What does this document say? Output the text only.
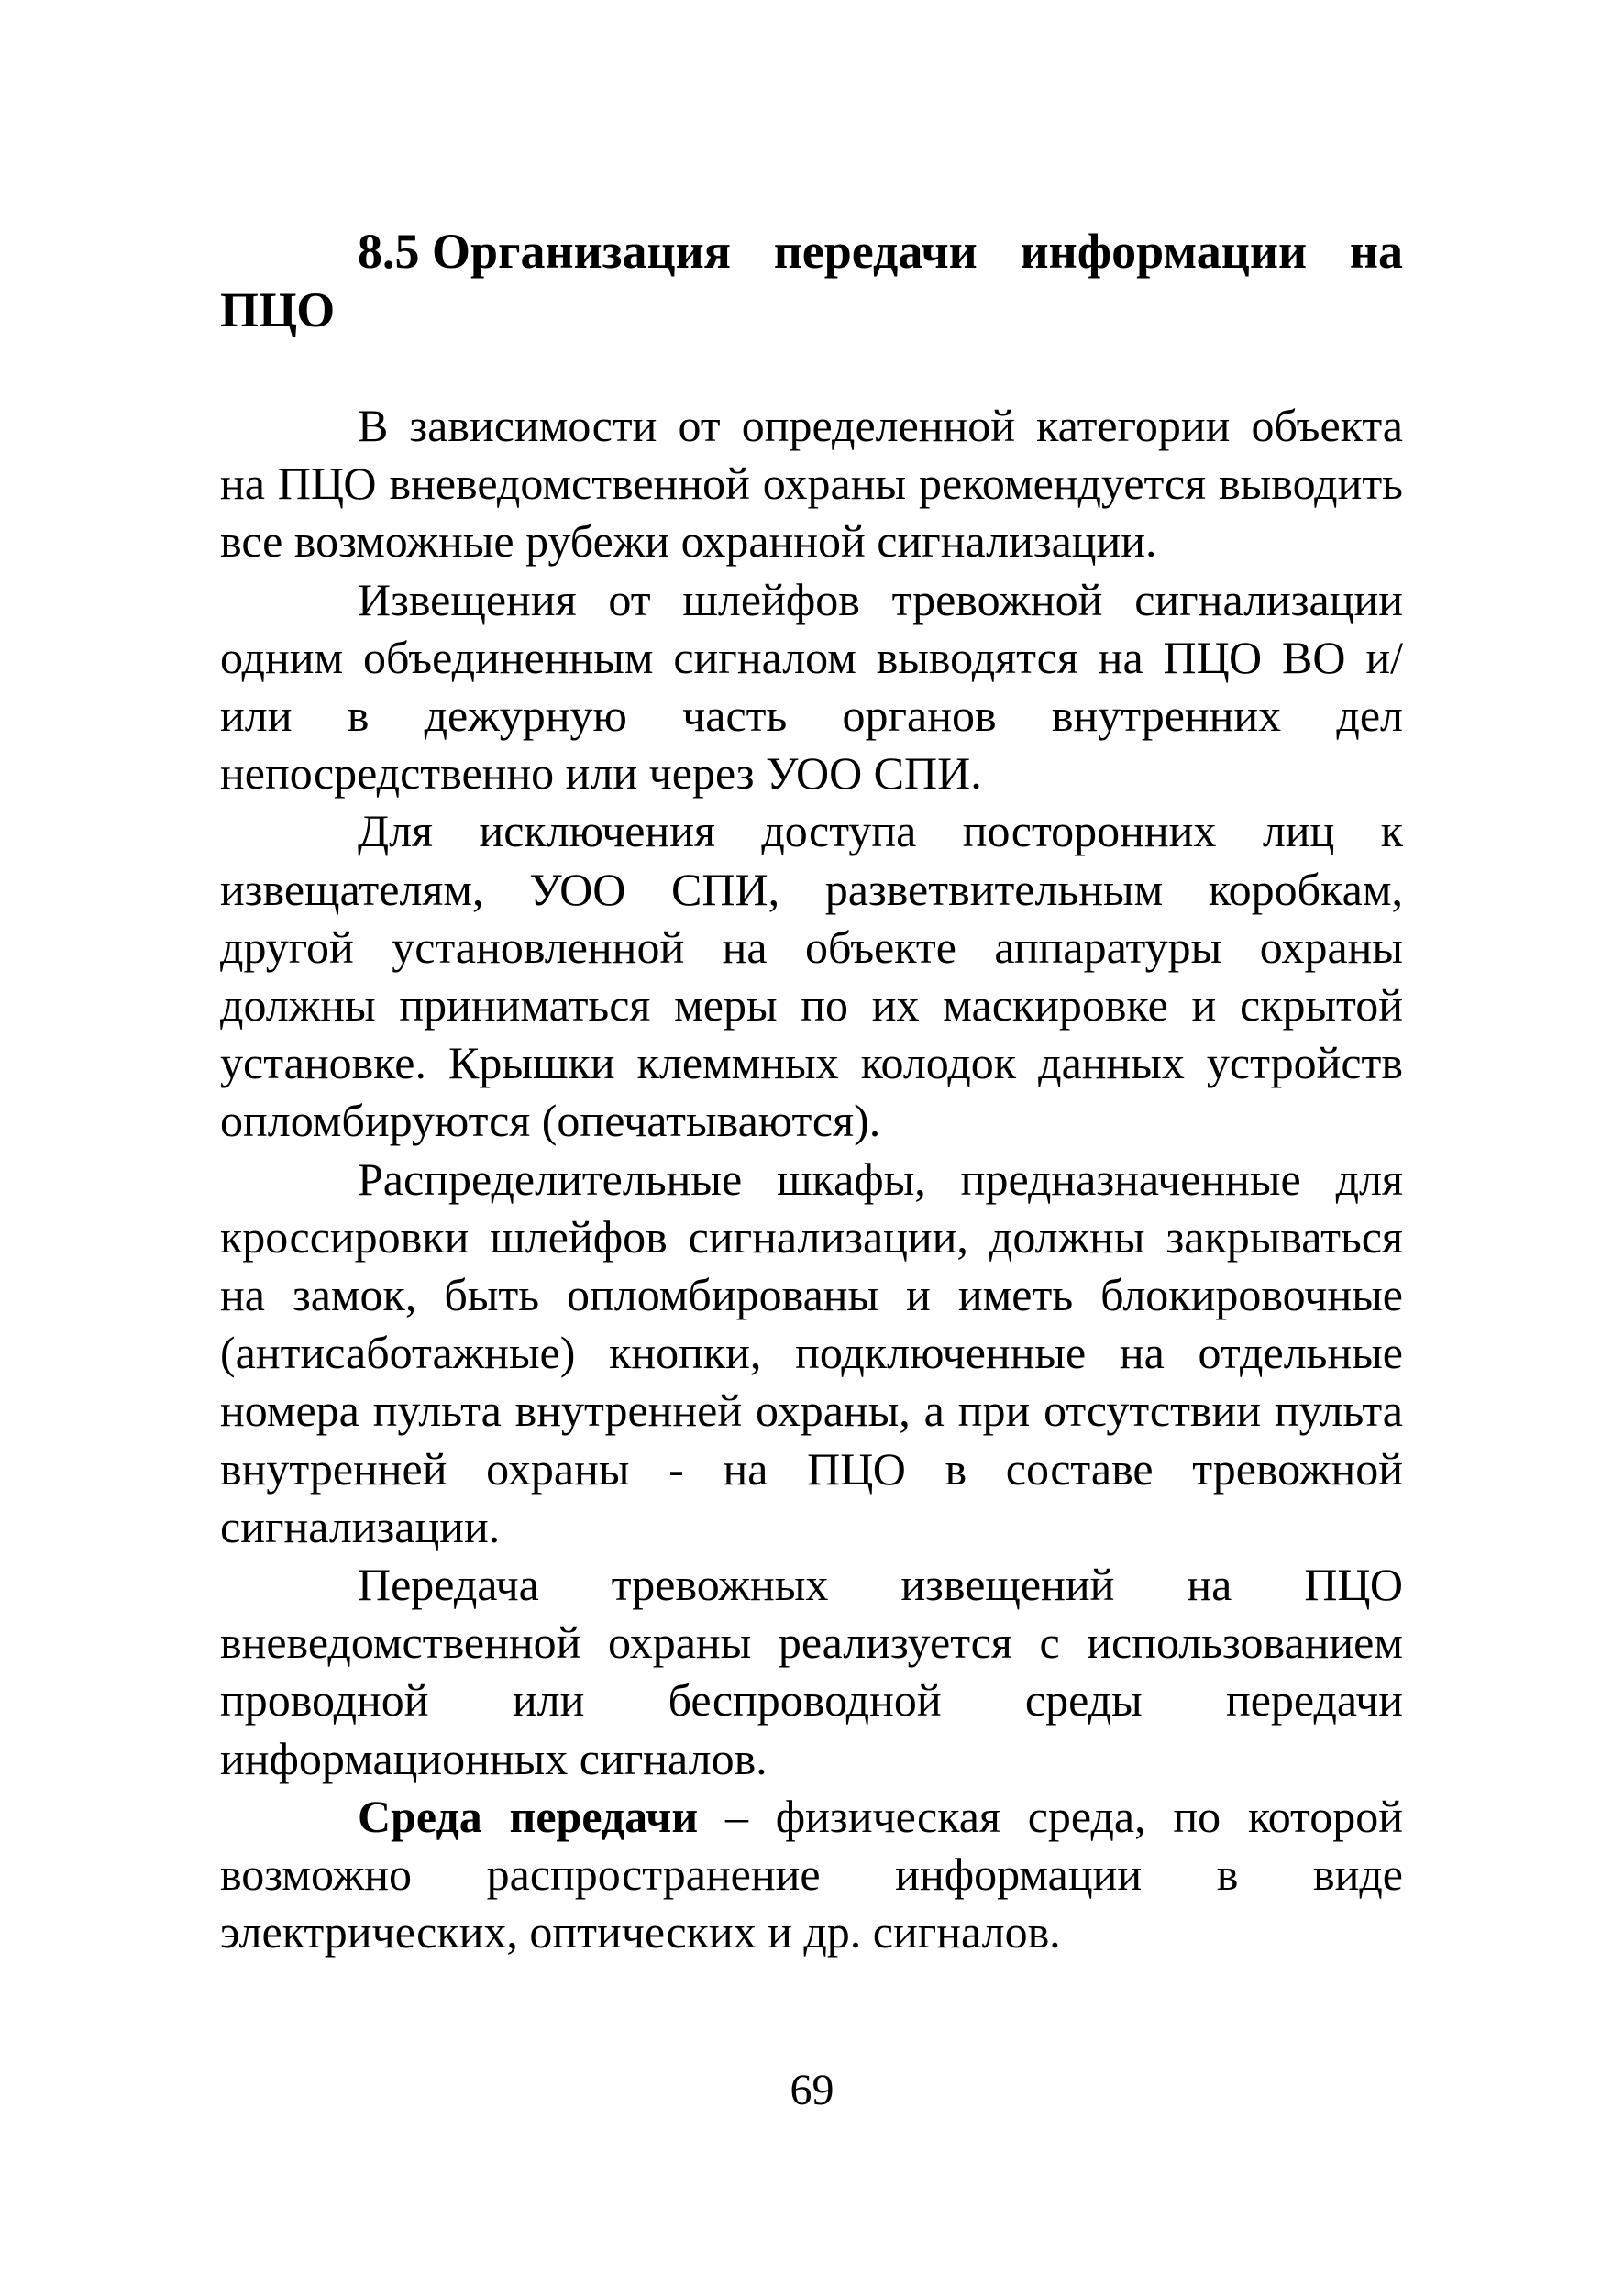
8.5 Организация передачи информации на
ПЦО

В зависимости от определенной категории объекта на ПЦО вневедомственной охраны рекомендуется выводить все возможные рубежи охранной сигнализации.

Извещения от шлейфов тревожной сигнализации одним объединенным сигналом выводятся на ПЦО ВО и/или в дежурную часть органов внутренних дел непосредственно или через УОО СПИ.

Для исключения доступа посторонних лиц к извещателям, УОО СПИ, разветвительным коробкам, другой установленной на объекте аппаратуры охраны должны приниматься меры по их маскировке и скрытой установке. Крышки клеммных колодок данных устройств опломбируются (опечатываются).

Распределительные шкафы, предназначенные для кроссировки шлейфов сигнализации, должны закрываться на замок, быть опломбированы и иметь блокировочные (антисаботажные) кнопки, подключенные на отдельные номера пульта внутренней охраны, а при отсутствии пульта внутренней охраны - на ПЦО в составе тревожной сигнализации.

Передача тревожных извещений на ПЦО вневедомственной охраны реализуется с использованием проводной или беспроводной среды передачи информационных сигналов.

Среда передачи – физическая среда, по которой возможно распространение информации в виде электрических, оптических и др. сигналов.

69
